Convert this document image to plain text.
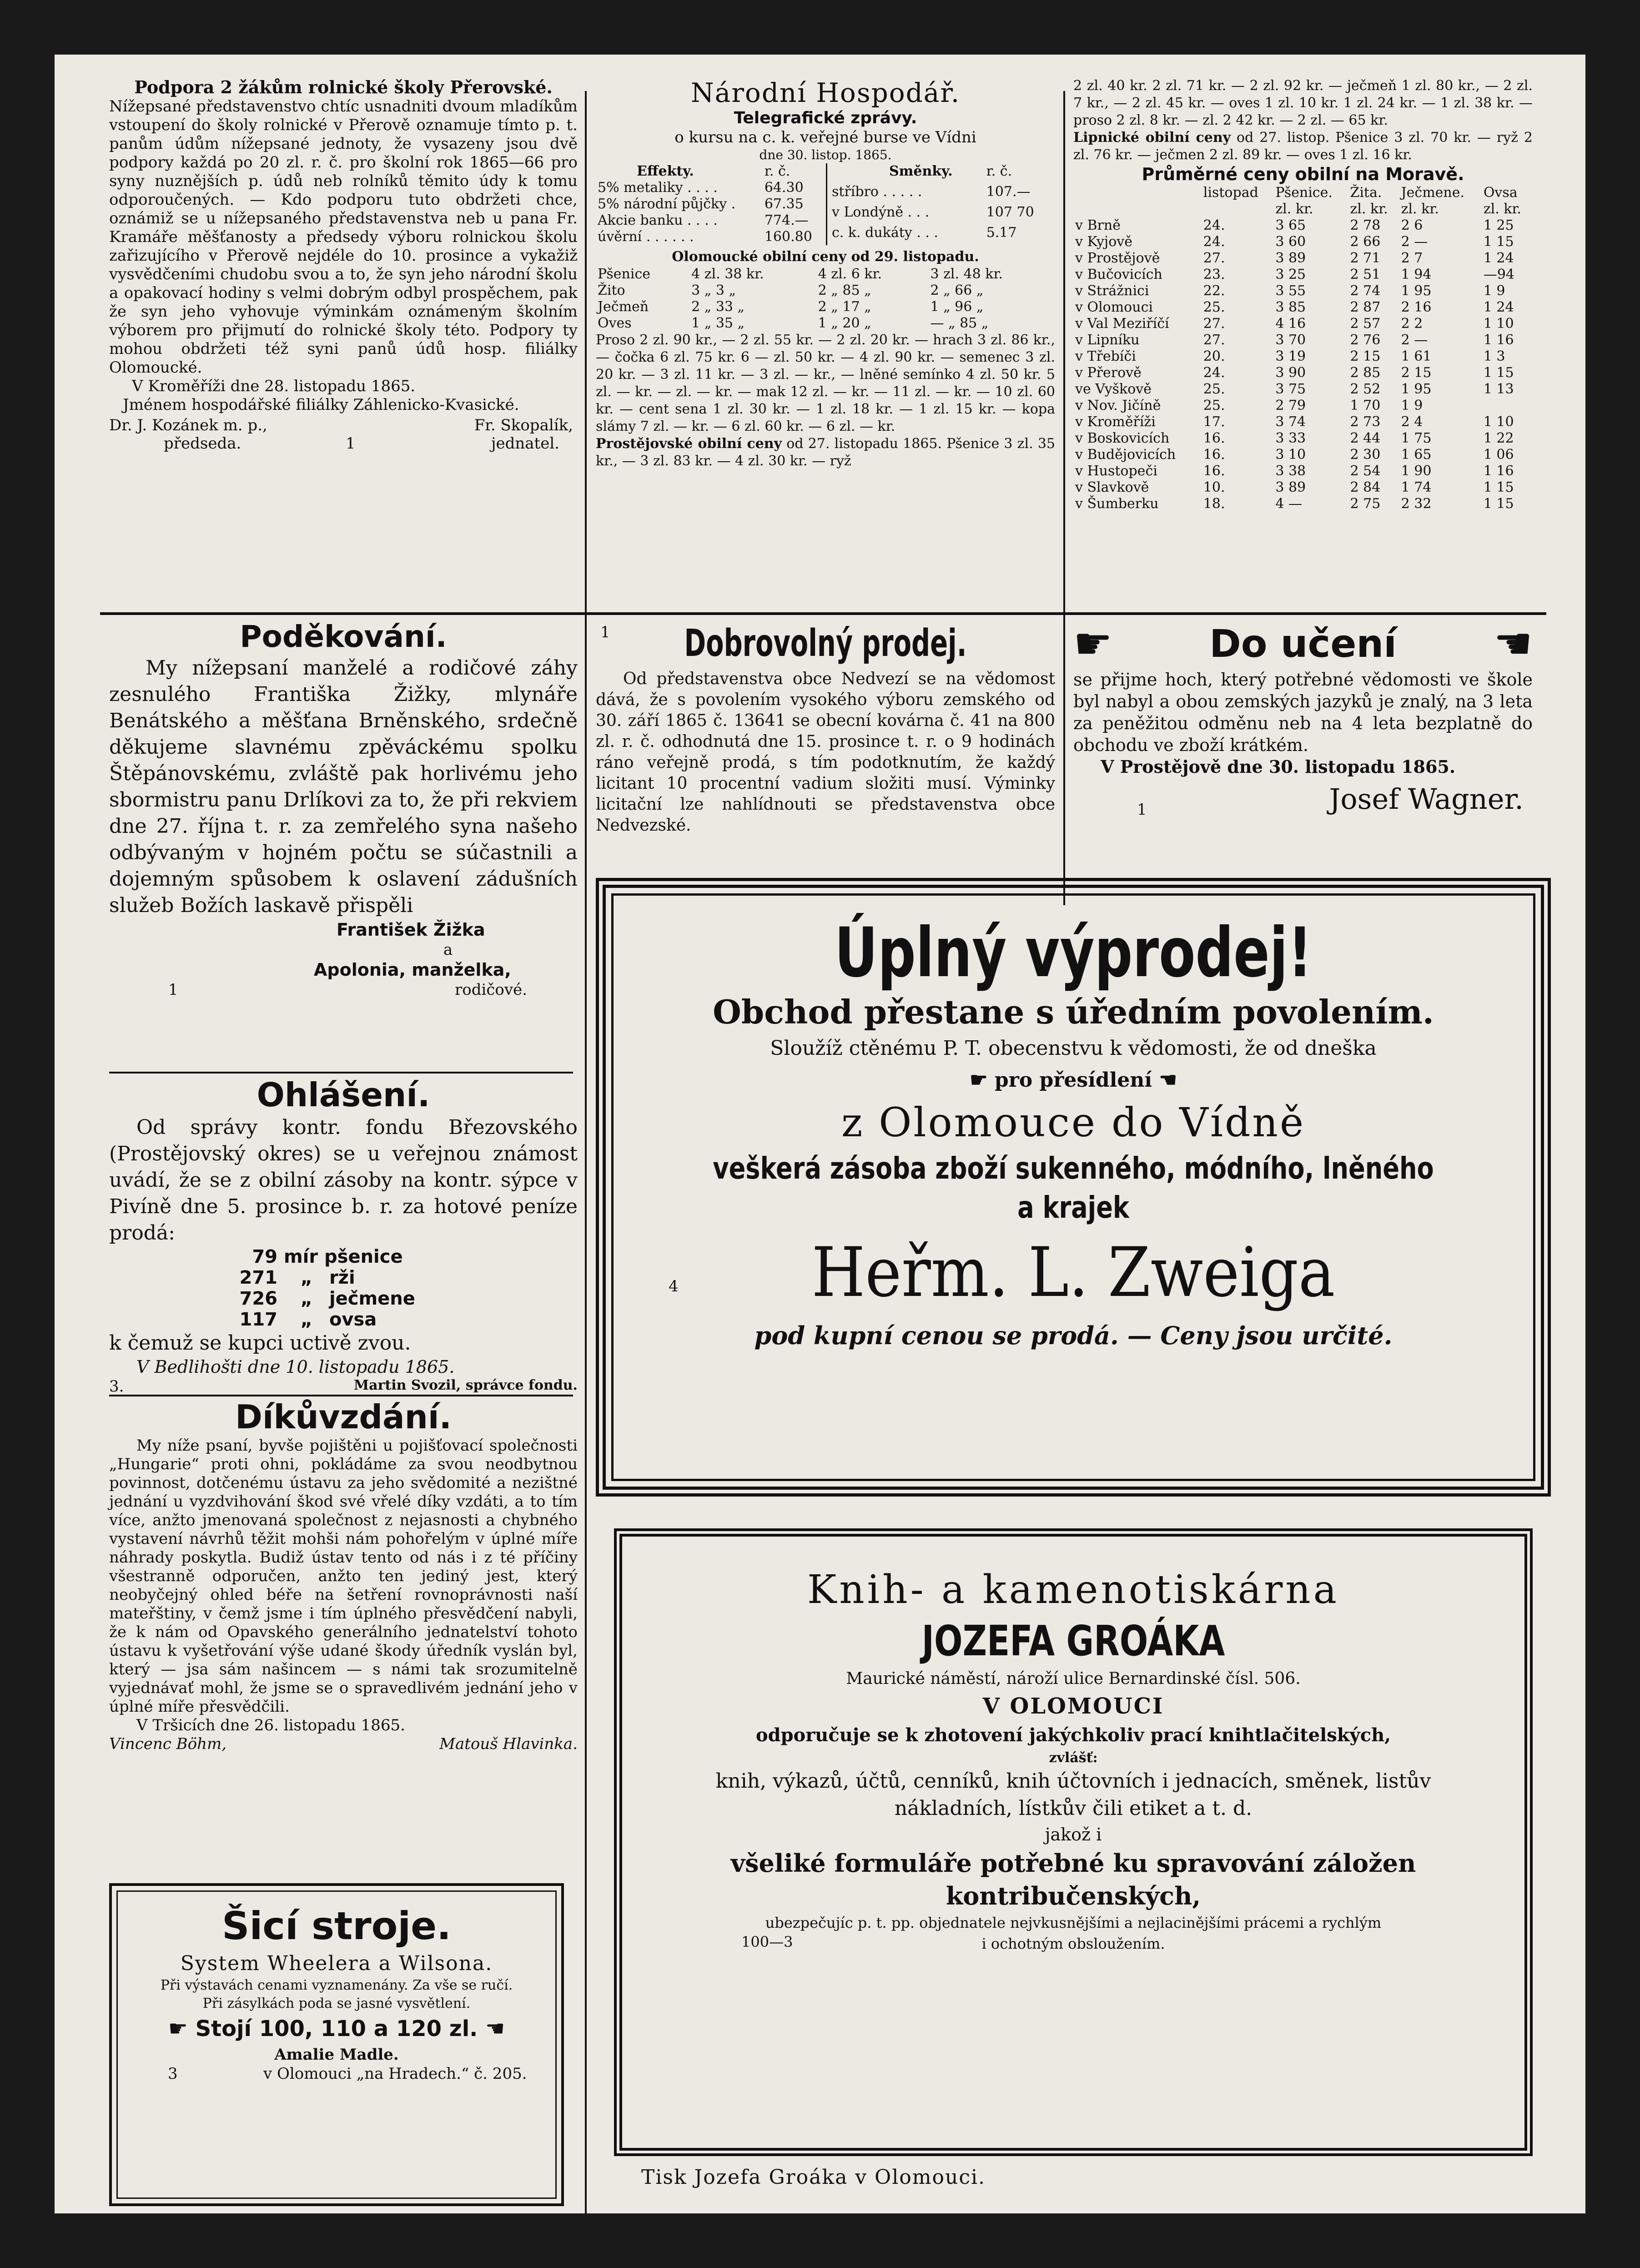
Podpora 2 žákům rolnické školy Přerovské.

Nížepsané představenstvo chtíc usnadniti dvoum mladíkům vstoupení do školy rolnické v Přerově oznamuje tímto p. t. panům údům nížepsané jednoty, že vysazeny jsou dvě podpory každá po 20 zl. r. č. pro školní rok 1865—66 pro syny nuznějších p. údů neb rolníků těmito údy k tomu odporoučených. — Kdo podporu tuto obdržeti chce, oznámiž se u nížepsaného představenstva neb u pana Fr. Kramáře měšťanosty a předsedy výboru rolnickou školu zařizujícího v Přerově nejdéle do 10. prosince a vykažiž vysvědčeními chudobu svou a to, že syn jeho národní školu a opakovací hodiny s velmi dobrým odbyl prospěchem, pak že syn jeho vyhovuje výminkám oznámeným školním výborem pro přijmutí do rolnické školy této. Podpory ty mohou obdržeti též syni panů údů hosp. filiálky Olomoucké.

V Kroměříži dne 28. listopadu 1865.

Jménem hospodářské filiálky Záhlenicko-Kvasické.

Dr. J. Kozánek m. p.,
předseda.	1
Fr. Skopalík,
jednatel.

Národní Hospodář.

Telegrafické zprávy.

o kursu na c. k. veřejné burse ve Vídni

dne 30. listop. 1865.

Effekty.	r. č.
5% metaliky . . . .	64.30
5% národní půjčky .	67.35
Akcie banku . . . .	774.—
úvěrní . . . . . .	160.80
Směnky.	r. č.
stříbro . . . . .	107.—
v Londýně . . .	107 70
c. k. dukáty . . .	5.17

Olomoucké obilní ceny od 29. listopadu.

Pšenice	4 zl. 38 kr.	4 zl. 6 kr.	3 zl. 48 kr.
Žito	3 „ 3 „	2 „ 85 „	2 „ 66 „
Ječmeň	2 „ 33 „	2 „ 17 „	1 „ 96 „
Oves	1 „ 35 „	1 „ 20 „	— „ 85 „

Proso 2 zl. 90 kr., — 2 zl. 55 kr. — 2 zl. 20 kr. — hrach 3 zl. 86 kr., — čočka 6 zl. 75 kr. 6 — zl. 50 kr. — 4 zl. 90 kr. — semenec 3 zl. 20 kr. — 3 zl. 11 kr. — 3 zl. — kr., — lněné semínko 4 zl. 50 kr. 5 zl. — kr. — zl. — kr. — mak 12 zl. — kr. — 11 zl. — kr. — 10 zl. 60 kr. — cent sena 1 zl. 30 kr. — 1 zl. 18 kr. — 1 zl. 15 kr. — kopa slámy 7 zl. — kr. — 6 zl. 60 kr. — 6 zl. — kr.

Prostějovské obilní ceny od 27. listopadu 1865. Pšenice 3 zl. 35 kr., — 3 zl. 83 kr. — 4 zl. 30 kr. — ryž

2 zl. 40 kr. 2 zl. 71 kr. — 2 zl. 92 kr. — ječmeň 1 zl. 80 kr., — 2 zl. 7 kr., — 2 zl. 45 kr. — oves 1 zl. 10 kr. 1 zl. 24 kr. — 1 zl. 38 kr. — proso 2 zl. 8 kr. — zl. 2 42 kr. — 2 zl. — 65 kr.

Lipnické obilní ceny od 27. listop. Pšenice 3 zl. 70 kr. — ryž 2 zl. 76 kr. — ječmen 2 zl. 89 kr. — oves 1 zl. 16 kr.

Průměrné ceny obilní na Moravě.

	listopad	Pšenice.	Žita.	Ječmene.	Ovsa
		zl. kr.	zl. kr.	zl. kr.	zl. kr.
v Brně	24.	3 65	2 78	2 6	1 25
v Kyjově	24.	3 60	2 66	2 —	1 15
v Prostějově	27.	3 89	2 71	2 7	1 24
v Bučovicích	23.	3 25	2 51	1 94	—94
v Strážnici	22.	3 55	2 74	1 95	1 9
v Olomouci	25.	3 85	2 87	2 16	1 24
v Val Meziříčí	27.	4 16	2 57	2 2	1 10
v Lipníku	27.	3 70	2 76	2 —	1 16
v Třebíči	20.	3 19	2 15	1 61	1 3
v Přerově	24.	3 90	2 85	2 15	1 15
ve Vyškově	25.	3 75	2 52	1 95	1 13
v Nov. Jičíně	25.	2 79	1 70	1 9	
v Kroměříži	17.	3 74	2 73	2 4	1 10
v Boskovicích	16.	3 33	2 44	1 75	1 22
v Budějovicích	16.	3 10	2 30	1 65	1 06
v Hustopeči	16.	3 38	2 54	1 90	1 16
v Slavkově	10.	3 89	2 84	1 74	1 15
v Šumberku	18.	4 —	2 75	2 32	1 15

Poděkování.

My nížepsaní manželé a rodičové záhy zesnulého Františka Žižky, mlynáře Benátského a měšťana Brněnského, srdečně děkujeme slavnému zpěváckému spolku Štěpánovskému, zvláště pak horlivému jeho sbormistru panu Drlíkovi za to, že při rekviem dne 27. října t. r. za zemřelého syna našeho odbývaným v hojném počtu se súčastnili a dojemným spůsobem k oslavení zádušních služeb Božích laskavě přispěli

František Žižka

a

Apolonia, manželka,

1	rodičové.

Ohlášení.

Od správy kontr. fondu Březovského (Prostějovský okres) se u veřejnou známost uvádí, že se z obilní zásoby na kontr. sýpce v Pivíně dne 5. prosince b. r. za hotové peníze prodá:

79 mír pšenice
271 „ rži
726 „ ječmene
117 „ ovsa

k čemuž se kupci uctivě zvou.

V Bedlihošti dne 10. listopadu 1865.

3.	Martin Svozil, správce fondu.

Díkůvzdání.

My níže psaní, byvše pojištěni u pojišťovací společnosti „Hungarie“ proti ohni, pokládáme za svou neodbytnou povinnost, dotčenému ústavu za jeho svědomité a nezištné jednání u vyzdvihování škod své vřelé díky vzdáti, a to tím více, anžto jmenovaná společnost z nejasnosti a chybného vystavení návrhů těžit mohši nám pohořelým v úplné míře náhrady poskytla. Budiž ústav tento od nás i z té příčiny všestranně odporučen, anžto ten jediný jest, který neobyčejný ohled béře na šetření rovnoprávnosti naší mateřštiny, v čemž jsme i tím úplného přesvědčení nabyli, že k nám od Opavského generálního jednatelství tohoto ústavu k vyšetřování výše udané škody úředník vyslán byl, který — jsa sám našincem — s námi tak srozumitelně vyjednávať mohl, že jsme se o spravedlivém jednání jeho v úplné míře přesvědčili.

V Tršicích dne 26. listopadu 1865.

Vincenc Böhm,	Matouš Hlavinka.

Šicí stroje.

System Wheelera a Wilsona.

Při výstavách cenami vyznamenány. Za vše se ručí.

Při zásylkách poda se jasné vysvětlení.

☛ Stojí 100, 110 a 120 zl. ☚

Amalie Madle.

3	v Olomouci „na Hradech.“ č. 205.
1	Dobrovolný prodej.

Od představenstva obce Nedvezí se na vědomost dává, že s povolením vysokého výboru zemského od 30. září 1865 č. 13641 se obecní kovárna č. 41 na 800 zl. r. č. odhodnutá dne 15. prosince t. r. o 9 hodinách ráno veřejně prodá, s tím podotknutím, že každý licitant 10 procentní vadium složiti musí. Výminky licitační lze nahlídnouti se představenstva obce Nedvezské.

☛	Do učení ☚

se přijme hoch, který potřebné vědomosti ve škole byl nabyl a obou zemských jazyků je znalý, na 3 leta za peněžitou odměnu neb na 4 leta bezplatně do obchodu ve zboží krátkém.

V Prostějově dne 30. listopadu 1865.

1	Josef Wagner.

Úplný výprodej!

Obchod přestane s úředním povolením.

Sloužíž ctěnému P. T. obecenstvu k vědomosti, že od dneška

☛ pro přesídlení ☚

z Olomouce do Vídně

veškerá zásoba zboží sukenného, módního, lněného a krajek

4	Heřm. L. Zweiga

pod kupní cenou se prodá. — Ceny jsou určité.

Knih- a kamenotiskárna

JOZEFA GROÁKA

Maurické náměstí, nároží ulice Bernardinské čísl. 506.

V OLOMOUCI

odporučuje se k zhotovení jakýchkoliv prací knihtlačitelských,

zvlášť:

knih, výkazů, účtů, cenníků, knih účtovních i jednacích, směnek, listův

nákladních, lístkův čili etiket a t. d.

jakož i

všeliké formuláře potřebné ku spravování záložen

kontribučenských,

ubezpečujíc p. t. pp. objednatele nejvkusnějšími a nejlacinějšími prácemi a rychlým

100—3	i ochotným obsloužením.

Tisk Jozefa Groáka v Olomouci.
